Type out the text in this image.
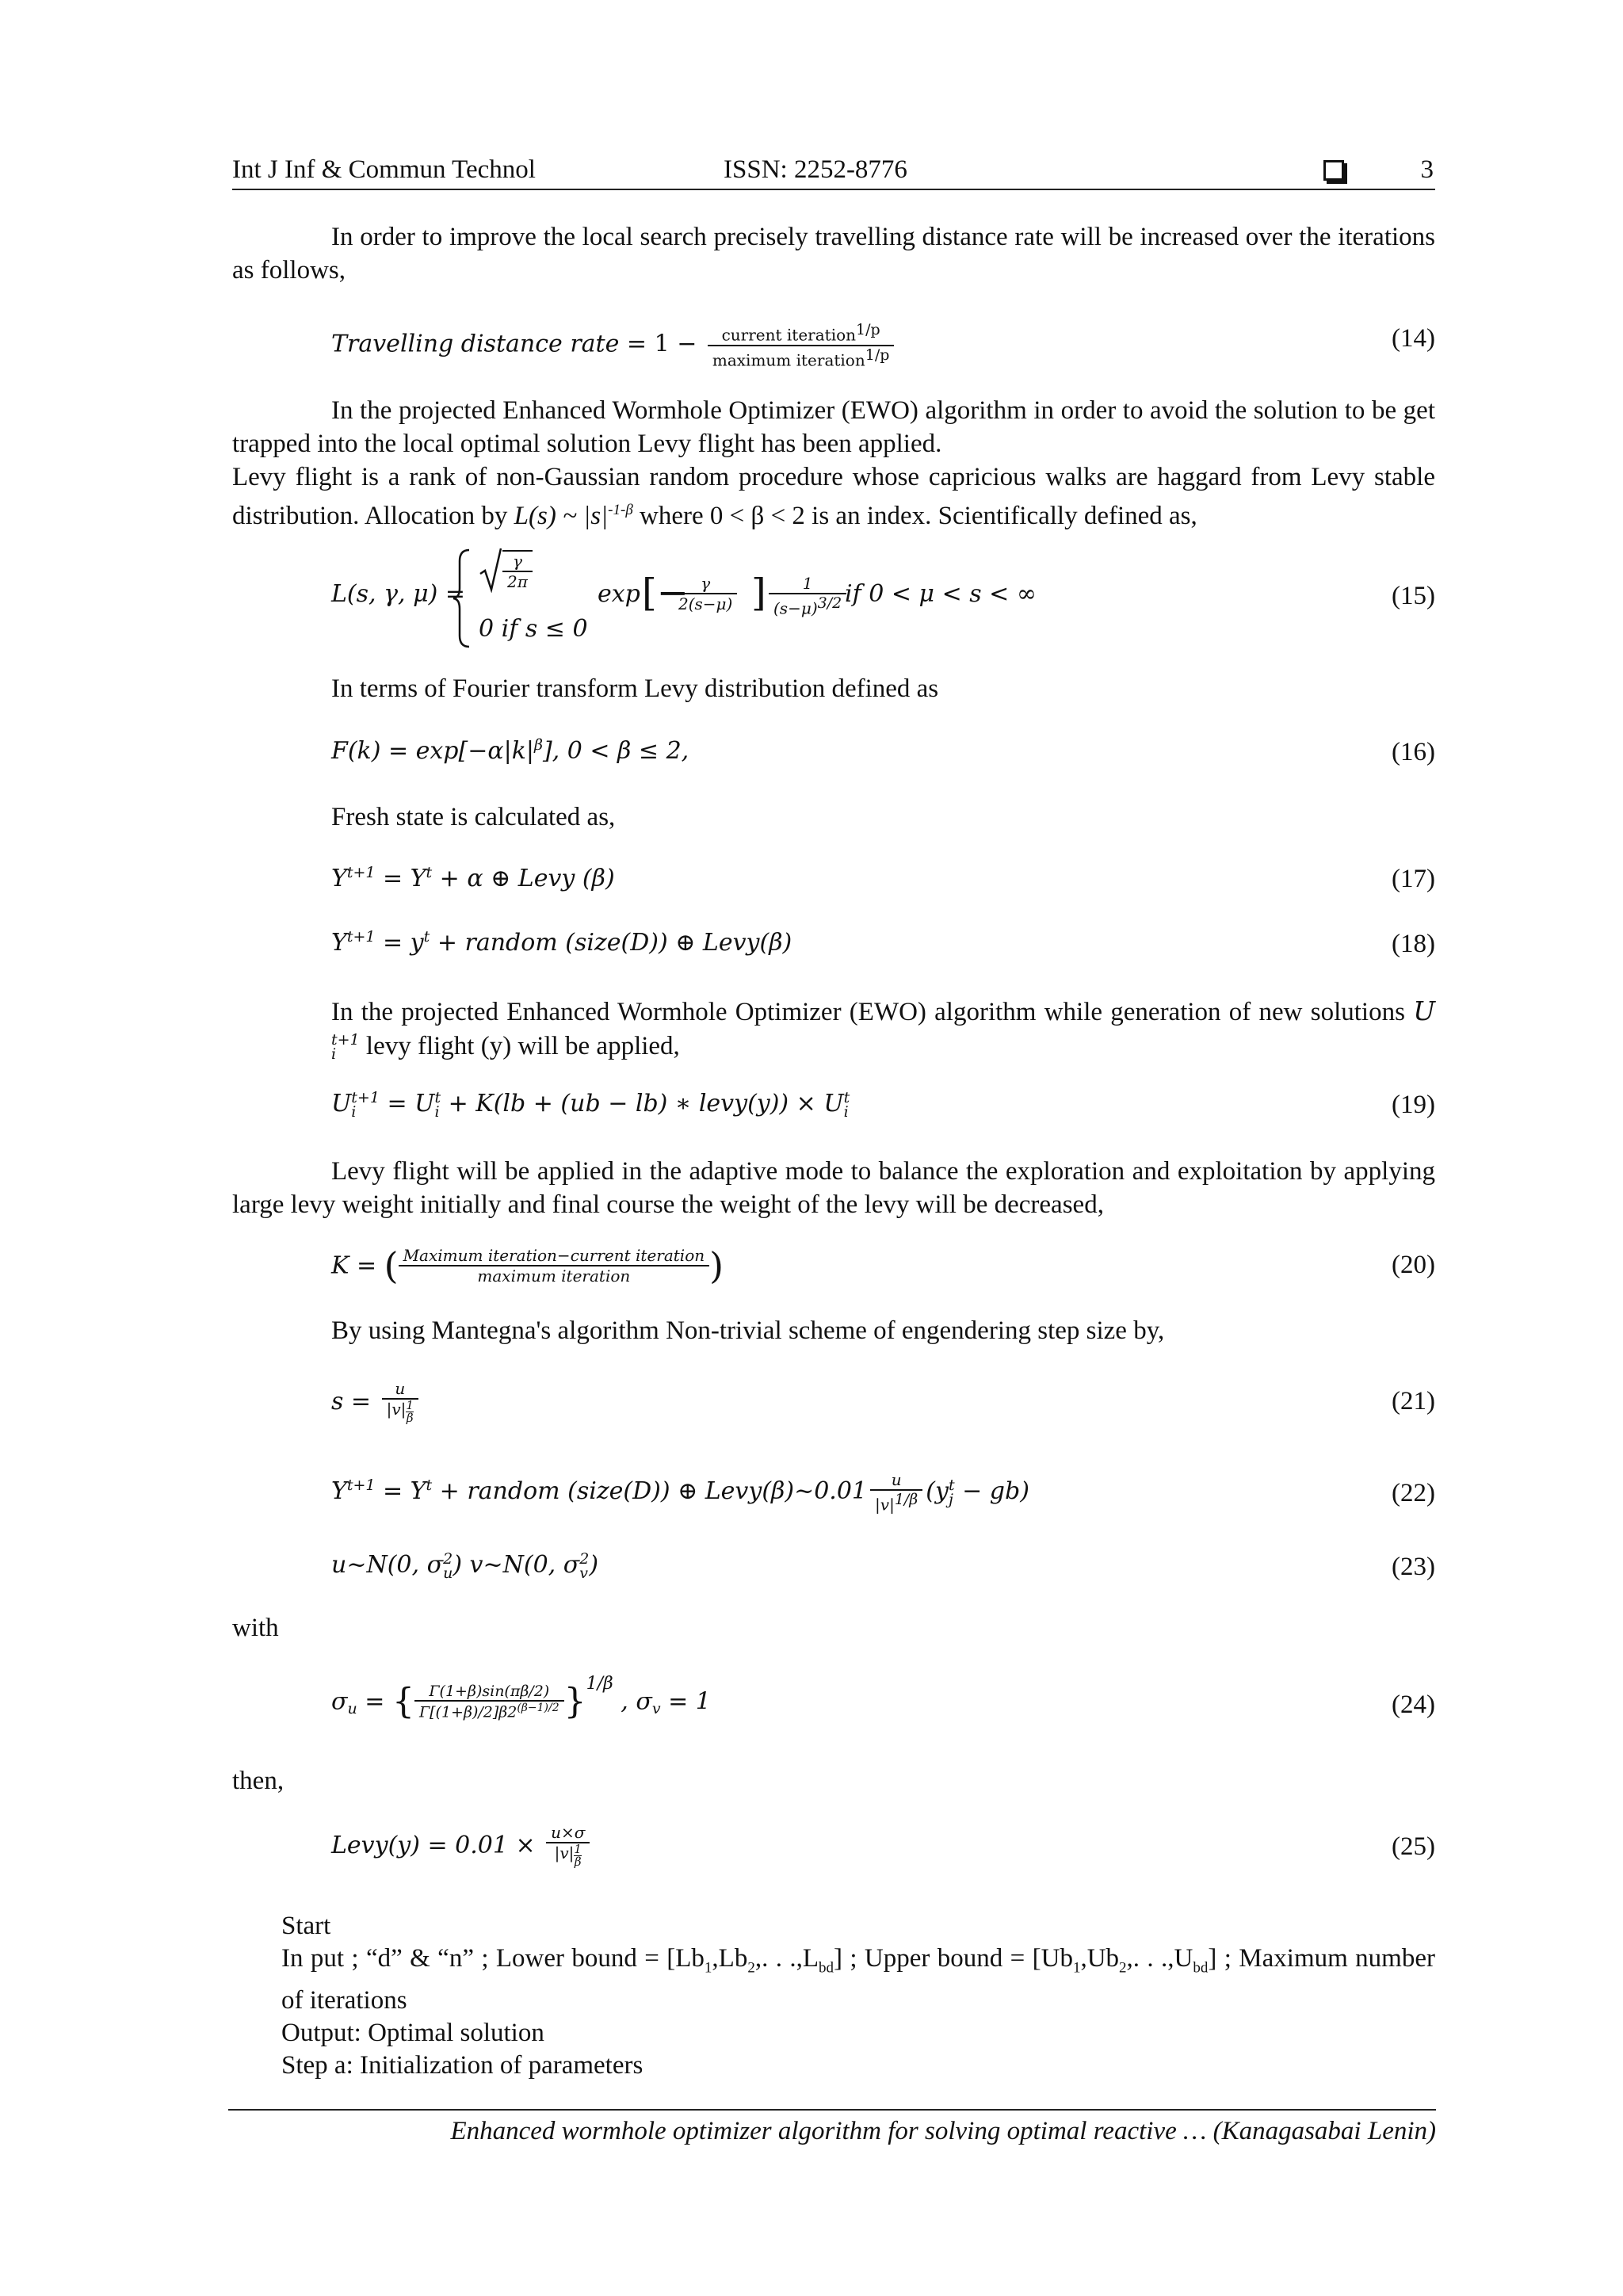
Int J Inf & Commun Technol	ISSN: 2252-8776	3

In order to improve the local search precisely travelling distance rate will be increased over the iterations as follows,

Travelling distance rate = $1 - \frac{current iteration^{1/p}}{maximum iteration^{1/p}}$	(14)

In the projected Enhanced Wormhole Optimizer (EWO) algorithm in order to avoid the solution to be get trapped into the local optimal solution Levy flight has been applied.

Levy flight is a rank of non-Gaussian random procedure whose capricious walks are haggard from Levy stable distribution. Allocation by L(s) ~ $|s|^{-1-\beta}$ where 0 < β < 2 is an index. Scientifically defined as,

L(s, γ, μ) =
$\frac{\gamma}{2\pi}$
exp [−
$\frac{\gamma}{2(s-\mu)}$ ] $\frac{1}{(s-\mu)^{3/2}}$
if 0 < μ < s < ∞
0 if s ≤ 0
(15)

In terms of Fourier transform Levy distribution defined as

$F(k) = \exp[-\alpha|k|^\beta]$, 0 < β ≤ 2,	(16)

Fresh state is calculated as,

$Y^{t+1} = Y^t + \alpha$ ⊕ Levy (β)	(17)
$Y^{t+1} = y^t$ + random (size(D)) ⊕ Levy(β)	(18)

In the projected Enhanced Wormhole Optimizer (EWO) algorithm while generation of new solutions U
t+1
i levy flight (y) will be applied,

U t+1
i = U t
i + K(lb + (ub − lb) ∗ levy(y)) × U t
i	(19)

Levy flight will be applied in the adaptive mode to balance the exploration and exploitation by applying large levy weight initially and final course the weight of the levy will be decreased,

K = ( $\frac{\text{Maximum iteration−current iteration}}{\text{maximum iteration}}$ )	(20)

By using Mantegna's algorithm Non-trivial scheme of engendering step size by,

$s = \frac{u}{|v| \frac{1}{\beta}}$	(21)
$Y^{t+1} = Y^t$ + random (size(D)) ⊕ Levy(β)~0.01 $\frac{u}{|v|^{1/\beta}} (y$ t
j − gb)	(22)
u~N(0, σ 2
u ) v~N(0, σ 2
v )	(23)

with

$\sigma_u$ = { $\frac{\Gamma(1+\beta)\sin(\pi\beta/2)}{\Gamma[(1+\beta)/2]\beta 2^{(\beta-1)/2}} \}^{1/\beta}$ , $\sigma_v = 1$	(24)

then,

Levy(y) = $0.01 \times \frac{u\times\sigma}{|v| \frac{1}{\beta}}$	(25)
Start
In put ; “d” & “n” ; Lower bound = [$Lb_1,Lb_2$,. . $.,L_{bd}$] ; Upper bound = [$Ub_1,Ub_2$,. . $.,U_{bd}$] ; Maximum number of iterations
Output: Optimal solution
Step a: Initialization of parameters
Enhanced wormhole optimizer algorithm for solving optimal reactive … (Kanagasabai Lenin)
